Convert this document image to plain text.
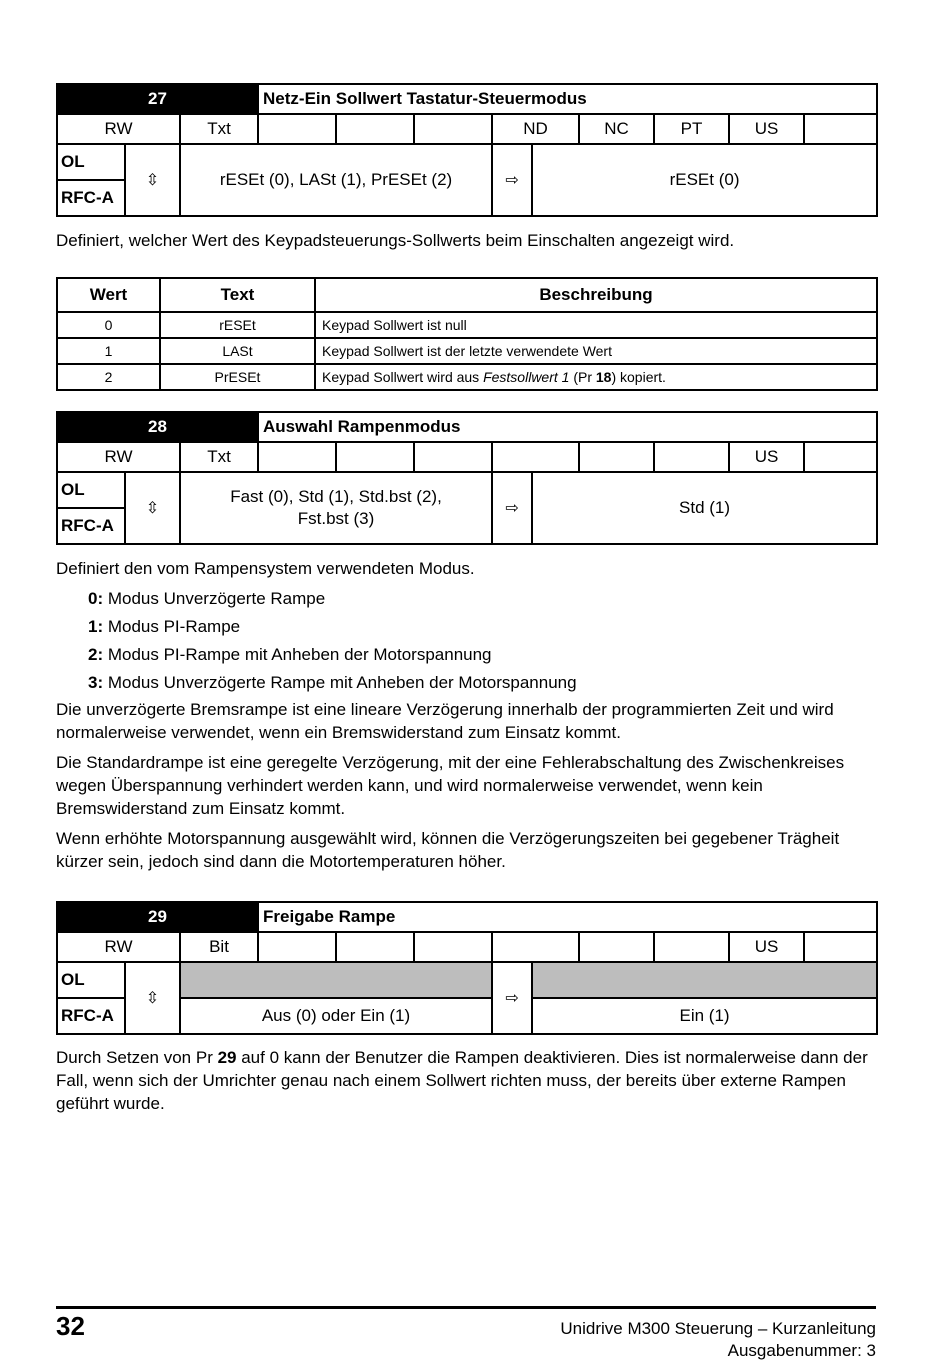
27			Netz-Ein Sollwert Tastatur-Steuermodus								
RW		Txt				ND		NC	PT	US	
OL	⇳	rESEt (0), LASt (1), PrESEt (2)				⇨	rESEt (0)				
RFC-A											

Definiert, welcher Wert des Keypadsteuerungs-Sollwerts beim Einschalten angezeigt wird.

Wert	Text	Beschreibung
0	rESEt	Keypad Sollwert ist null
1	LASt	Keypad Sollwert ist der letzte verwendete Wert
2	PrESEt	Keypad Sollwert wird aus Festsollwert 1 (Pr 18) kopiert.
28			Auswahl Rampenmodus								
RW		Txt								US	
OL	⇳	Fast (0), Std (1), Std.bst (2),
Fst.bst (3)				⇨	Std (1)				
RFC-A											

Definiert den vom Rampensystem verwendeten Modus.

0: Modus Unverzögerte Rampe
1: Modus PI-Rampe
2: Modus PI-Rampe mit Anheben der Motorspannung
3: Modus Unverzögerte Rampe mit Anheben der Motorspannung

Die unverzögerte Bremsrampe ist eine lineare Verzögerung innerhalb der programmierten Zeit und wird normalerweise verwendet, wenn ein Bremswiderstand zum Einsatz kommt.

Die Standardrampe ist eine geregelte Verzögerung, mit der eine Fehlerabschaltung des Zwischenkreises wegen Überspannung verhindert werden kann, und wird normalerweise verwendet, wenn kein Bremswiderstand zum Einsatz kommt.

Wenn erhöhte Motorspannung ausgewählt wird, können die Verzögerungszeiten bei gegebener Trägheit kürzer sein, jedoch sind dann die Motortemperaturen höher.

29			Freigabe Rampe								
RW		Bit								US	
OL	⇳					⇨					
RFC-A		Aus (0) oder Ein (1)					Ein (1)				

Durch Setzen von Pr 29 auf 0 kann der Benutzer die Rampen deaktivieren. Dies ist normalerweise dann der Fall, wenn sich der Umrichter genau nach einem Sollwert richten muss, der bereits über externe Rampen geführt wurde.

32	Unidrive M300 Steuerung – Kurzanleitung
Ausgabenummer: 3
